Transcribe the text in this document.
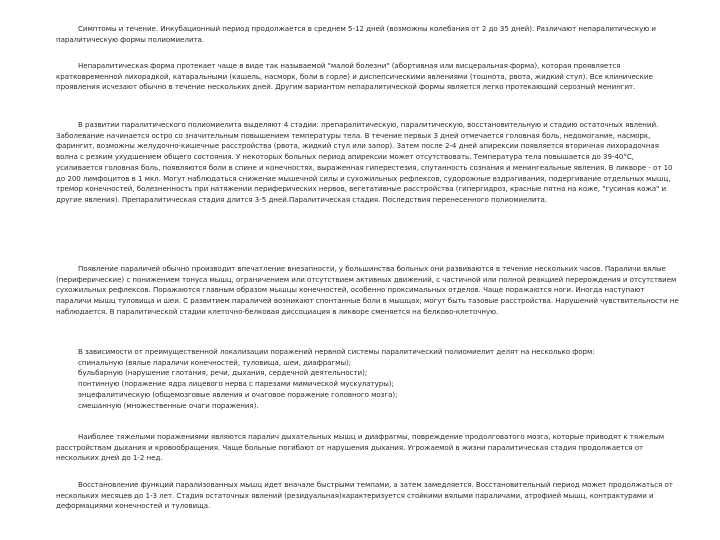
Симптомы и течение. Инкубационный период продолжается в среднем 5-12 дней (возможны колебания от 2 до 35 дней). Различают непаралитическую и паралитическую формы полиомиелита.

Непаралитическая форма протекает чаще в виде так называемой "малой болезни" (абортивная или висцеральная форма), которая проявляется кратковременной лихорадкой, катаральными (кашель, насморк, боли в горле) и диспепсическими явлениями (тошнота, рвота, жидкий стул). Все клинические проявления исчезают обычно в течение нескольких дней. Другим вариантом непаралитической формы является легко протекающий серозный менингит.

В развитии паралитического полиомиелита выделяют 4 стадии: препаралитическую, паралитическую, восстановительную и стадию остаточных явлений. Заболевание начинается остро со значительным повышением температуры тела. В течение первых 3 дней отмечается головная боль, недомогание, насморк, фарингит, возможны желудочно-кишечные расстройства (рвота, жидкий стул или запор). Затем после 2-4 дней апирексии появляется вторичная лихорадочная волна с резким ухудшением общего состояния. У некоторых больных период апирексии может отсутствовать. Температура тела повышается до 39-40°C, усиливается головная боль, появляются боли в спине и конечностях, выраженная гиперестезия, спутанность сознания и менингеальные явления. В ликворе - от 10 до 200 лимфоцитов в 1 мкл. Могут наблюдаться снижение мышечной силы и сухожильных рефлексов, судорожные вздрагивания, подергивание отдельных мышц, тремор конечностей, болезненность при натяжении периферических нервов, вегетативные расстройства (гипергидроз, красные пятна на коже, "гусиная кожа" и другие явления). Препаралитическая стадия длится 3-5 дней.Паралитическая стадия. Последствия перенесенного полиомиелита.

Появление параличей обычно производит впечатление внезапности, у большинства больных они развиваются в течение нескольких часов. Параличи вялые (периферические) с понижением тонуса мышц, ограничением или отсутствием активных движений, с частичной или полной реакцией перерождения и отсутствием сухожильных рефлексов. Поражаются главным образом мышцы конечностей, особенно проксимальных отделов. Чаще поражаются ноги. Иногда наступают параличи мышц туловища и шеи. С развитием параличей возникают спонтанные боли в мышцах; могут быть тазовые расстройства. Нарушений чувствительности не наблюдается. В паралитической стадии клеточно-белковая диссоциация в ликворе сменяется на белково-клеточную.

В зависимости от преимущественной локализации поражений нервной системы паралитический полиомиелит делят на несколько форм:

спинальную (вялые параличи конечностей, туловища, шеи, диафрагмы);

бульбарную (нарушение глотания, речи, дыхания, сердечной деятельности);

понтинную (поражение ядра лицевого нерва с парезами мимической мускулатуры);

энцефалитическую (общемозговые явления и очаговое поражение головного мозга);

смешанную (множественные очаги поражения).

Наиболее тяжелыми поражениями являются паралич дыхательных мышц и диафрагмы, повреждение продолговатого мозга, которые приводят к тяжелым расстройствам дыхания и кровообращения. Чаще больные погибают от нарушения дыхания. Угрожаемой в жизни паралитическая стадия продолжается от нескольких дней до 1-2 нед.

Восстановление функций парализованных мышц идет вначале быстрыми темпами, а затем замедляется. Восстановительный период может продолжаться от нескольких месяцев до 1-3 лет. Стадия остаточных явлений (резидуальная)характеризуется стойкими вялыми параличами, атрофией мышц, контрактурами и деформациями конечностей и туловища.
